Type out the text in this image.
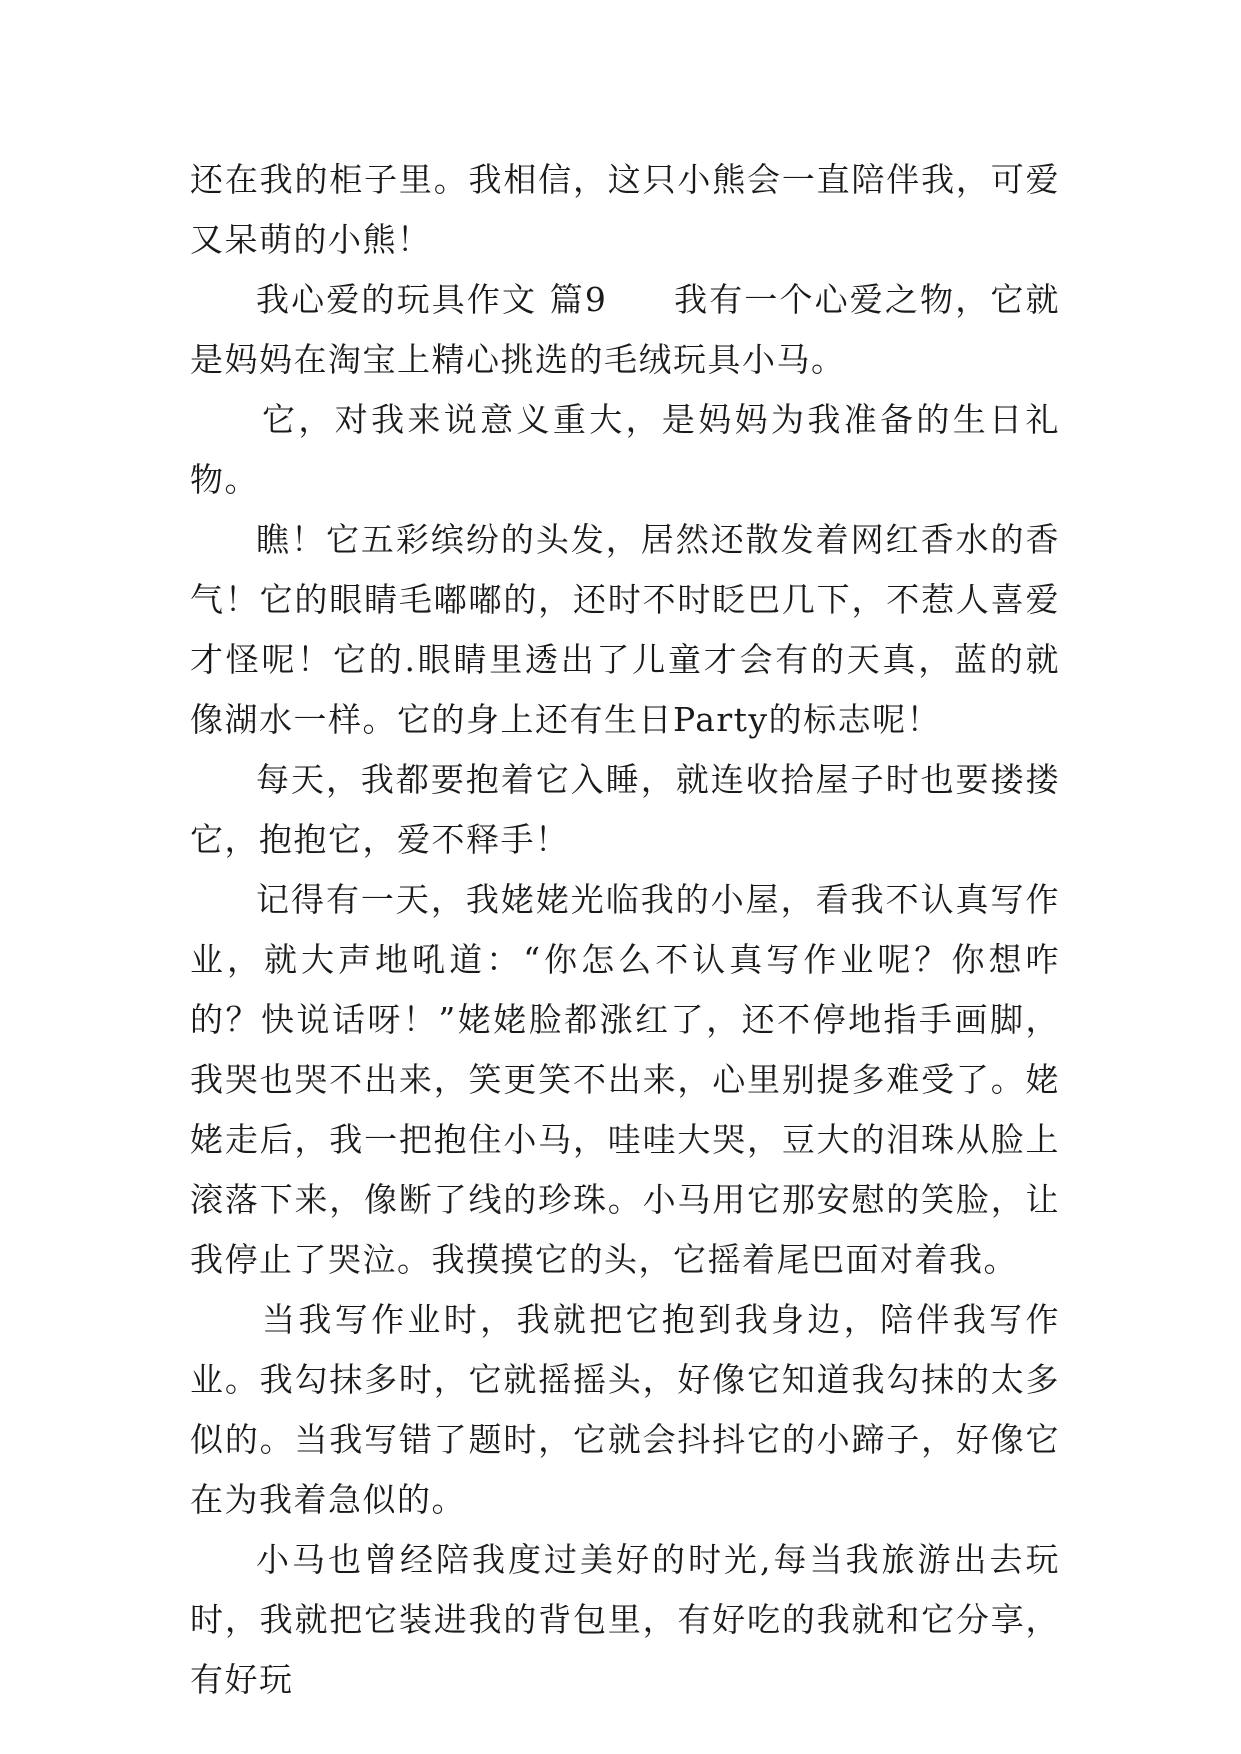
还在我的柜子里。我相信，这只小熊会一直陪伴我，可爱又呆萌的小熊！

我心爱的玩具作文 篇9 我有一个心爱之物，它就是妈妈在淘宝上精心挑选的毛绒玩具小马。

它，对我来说意义重大，是妈妈为我准备的生日礼物。

瞧！它五彩缤纷的头发，居然还散发着网红香水的香气！它的眼睛毛嘟嘟的，还时不时眨巴几下，不惹人喜爱才怪呢！它的.眼睛里透出了儿童才会有的天真，蓝的就像湖水一样。它的身上还有生日Party的标志呢！

每天，我都要抱着它入睡，就连收拾屋子时也要搂搂它，抱抱它，爱不释手！

记得有一天，我姥姥光临我的小屋，看我不认真写作业，就大声地吼道：“你怎么不认真写作业呢？你想咋的？快说话呀！”姥姥脸都涨红了，还不停地指手画脚，我哭也哭不出来，笑更笑不出来，心里别提多难受了。姥姥走后，我一把抱住小马，哇哇大哭，豆大的泪珠从脸上滚落下来，像断了线的珍珠。小马用它那安慰的笑脸，让我停止了哭泣。我摸摸它的头，它摇着尾巴面对着我。

当我写作业时，我就把它抱到我身边，陪伴我写作业。我勾抹多时，它就摇摇头，好像它知道我勾抹的太多似的。当我写错了题时，它就会抖抖它的小蹄子，好像它在为我着急似的。

小马也曾经陪我度过美好的时光,每当我旅游出去玩时，我就把它装进我的背包里，有好吃的我就和它分享，有好玩
